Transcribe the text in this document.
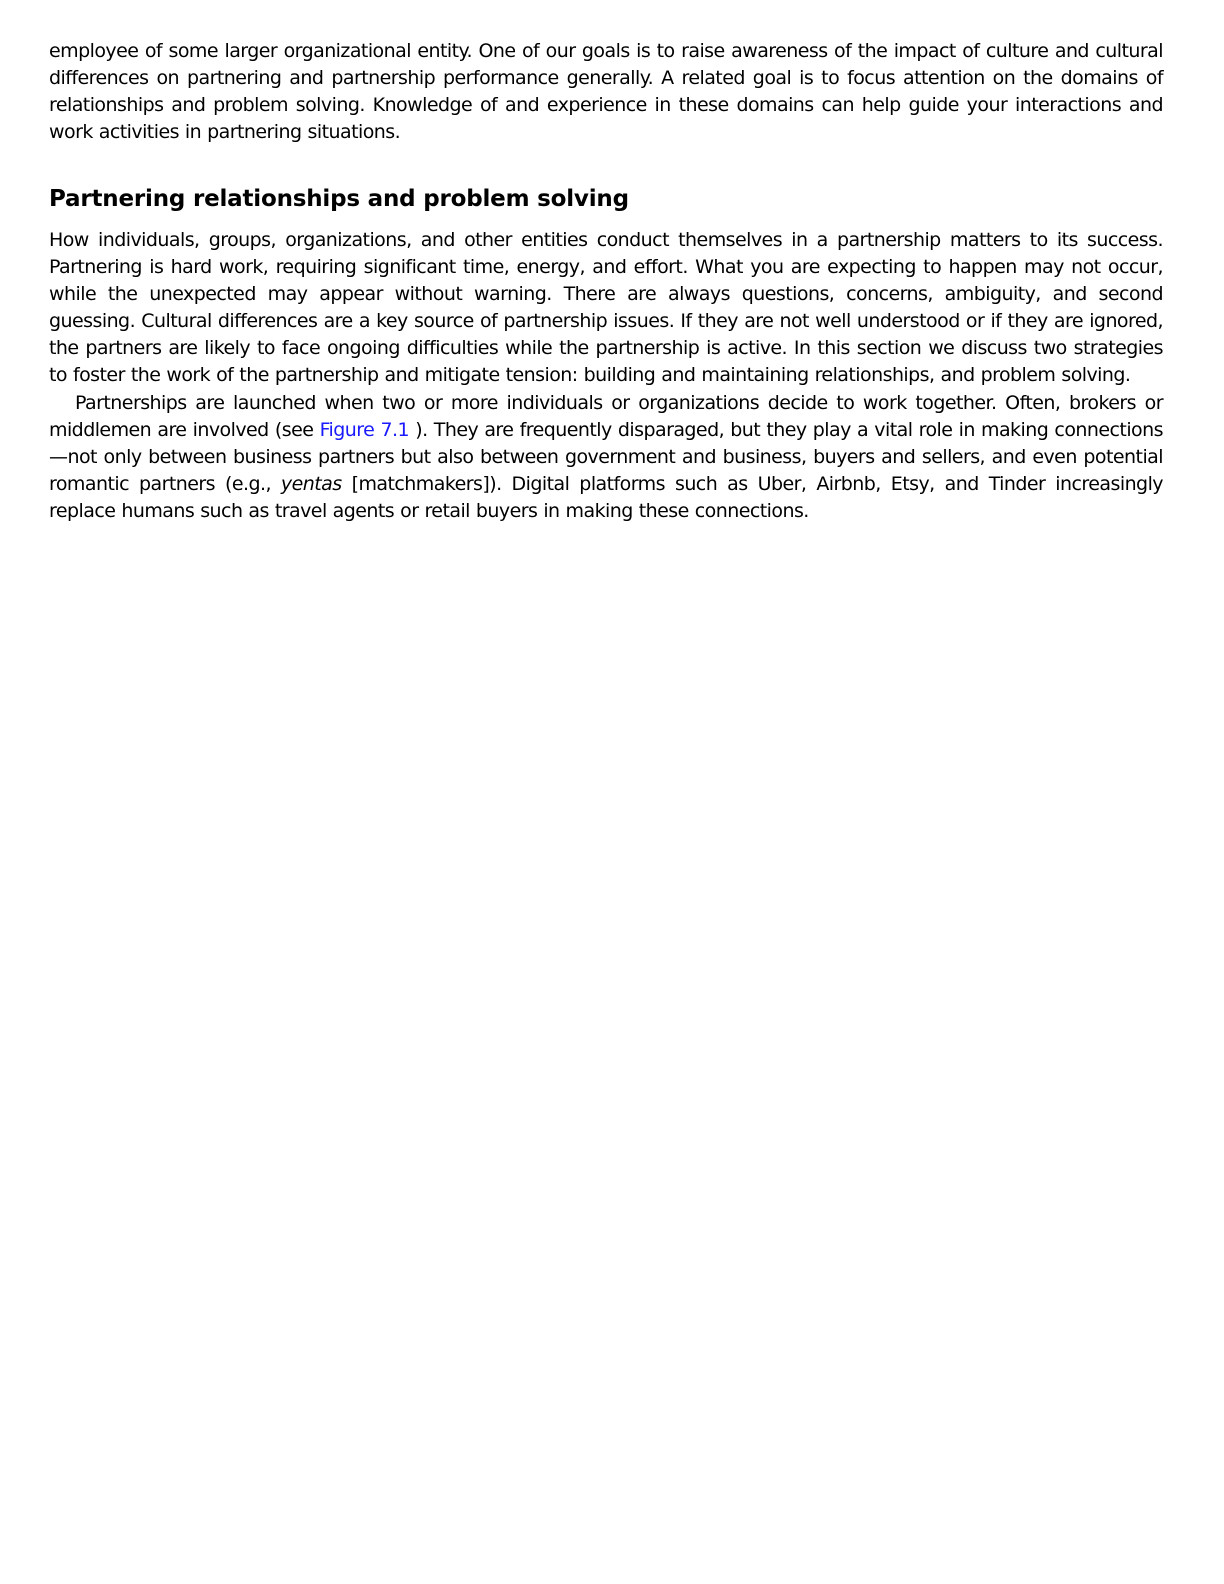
employee of some larger organizational entity. One of our goals is to raise awareness of the impact of culture and cultural differences on partnering and partnership performance generally. A related goal is to focus attention on the domains of relationships and problem solving. Knowledge of and experience in these domains can help guide your interactions and work activities in partnering situations.

Partnering relationships and problem solving

How individuals, groups, organizations, and other entities conduct themselves in a partnership matters to its success. Partnering is hard work, requiring significant time, energy, and effort. What you are expecting to happen may not occur, while the unexpected may appear without warning. There are always questions, concerns, ambiguity, and second guessing. Cultural differences are a key source of partnership issues. If they are not well understood or if they are ignored, the partners are likely to face ongoing difficulties while the partnership is active. In this section we discuss two strategies to foster the work of the partnership and mitigate tension: building and maintaining relationships, and problem solving.

Partnerships are launched when two or more individuals or organizations decide to work together. Often, brokers or middlemen are involved (see Figure 7.1 ). They are frequently disparaged, but they play a vital role in making connections—not only between business partners but also between government and business, buyers and sellers, and even potential romantic partners (e.g., yentas [matchmakers]). Digital platforms such as Uber, Airbnb, Etsy, and Tinder increasingly replace humans such as travel agents or retail buyers in making these connections.
